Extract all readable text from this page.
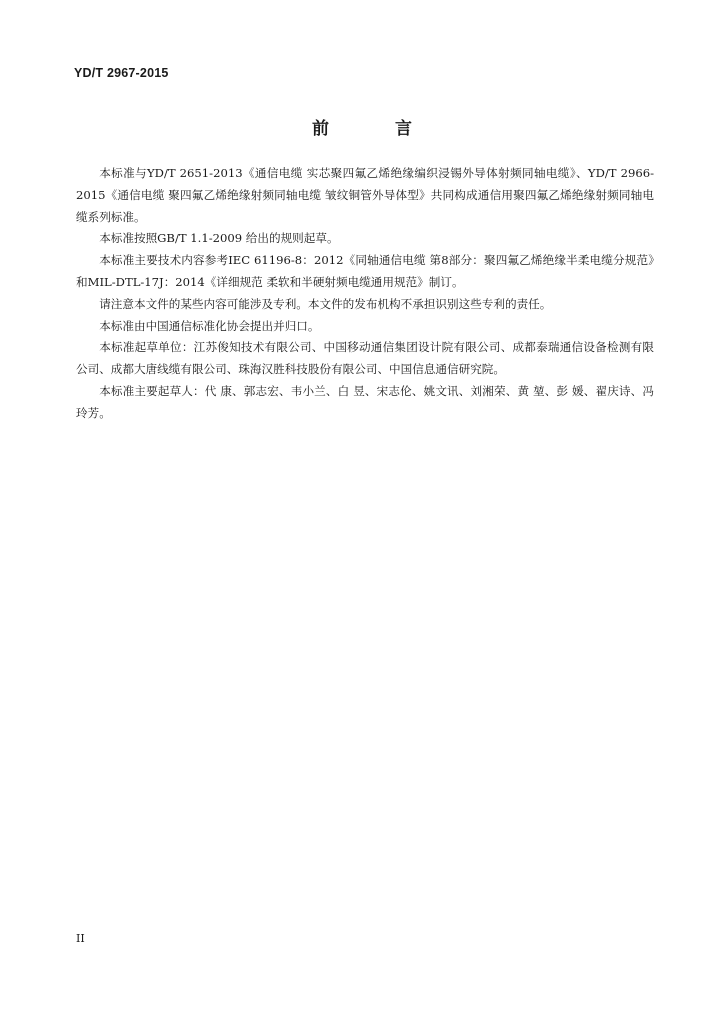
YD/T 2967-2015
前 言

本标准与YD/T 2651-2013《通信电缆 实芯聚四氟乙烯绝缘编织浸锡外导体射频同轴电缆》、YD/T 2966-2015《通信电缆 聚四氟乙烯绝缘射频同轴电缆 皱纹铜管外导体型》共同构成通信用聚四氟乙烯绝缘射频同轴电缆系列标准。

本标准按照GB/T 1.1-2009 给出的规则起草。

本标准主要技术内容参考IEC 61196-8：2012《同轴通信电缆 第8部分：聚四氟乙烯绝缘半柔电缆分规范》和MIL-DTL-17J：2014《详细规范 柔软和半硬射频电缆通用规范》制订。

请注意本文件的某些内容可能涉及专利。本文件的发布机构不承担识别这些专利的责任。

本标准由中国通信标准化协会提出并归口。

本标准起草单位：江苏俊知技术有限公司、中国移动通信集团设计院有限公司、成都泰瑞通信设备检测有限公司、成都大唐线缆有限公司、珠海汉胜科技股份有限公司、中国信息通信研究院。

本标准主要起草人：代 康、郭志宏、韦小兰、白 昱、宋志伦、姚文讯、刘湘荣、黄 堃、彭 媛、翟庆诗、冯玲芳。

II
